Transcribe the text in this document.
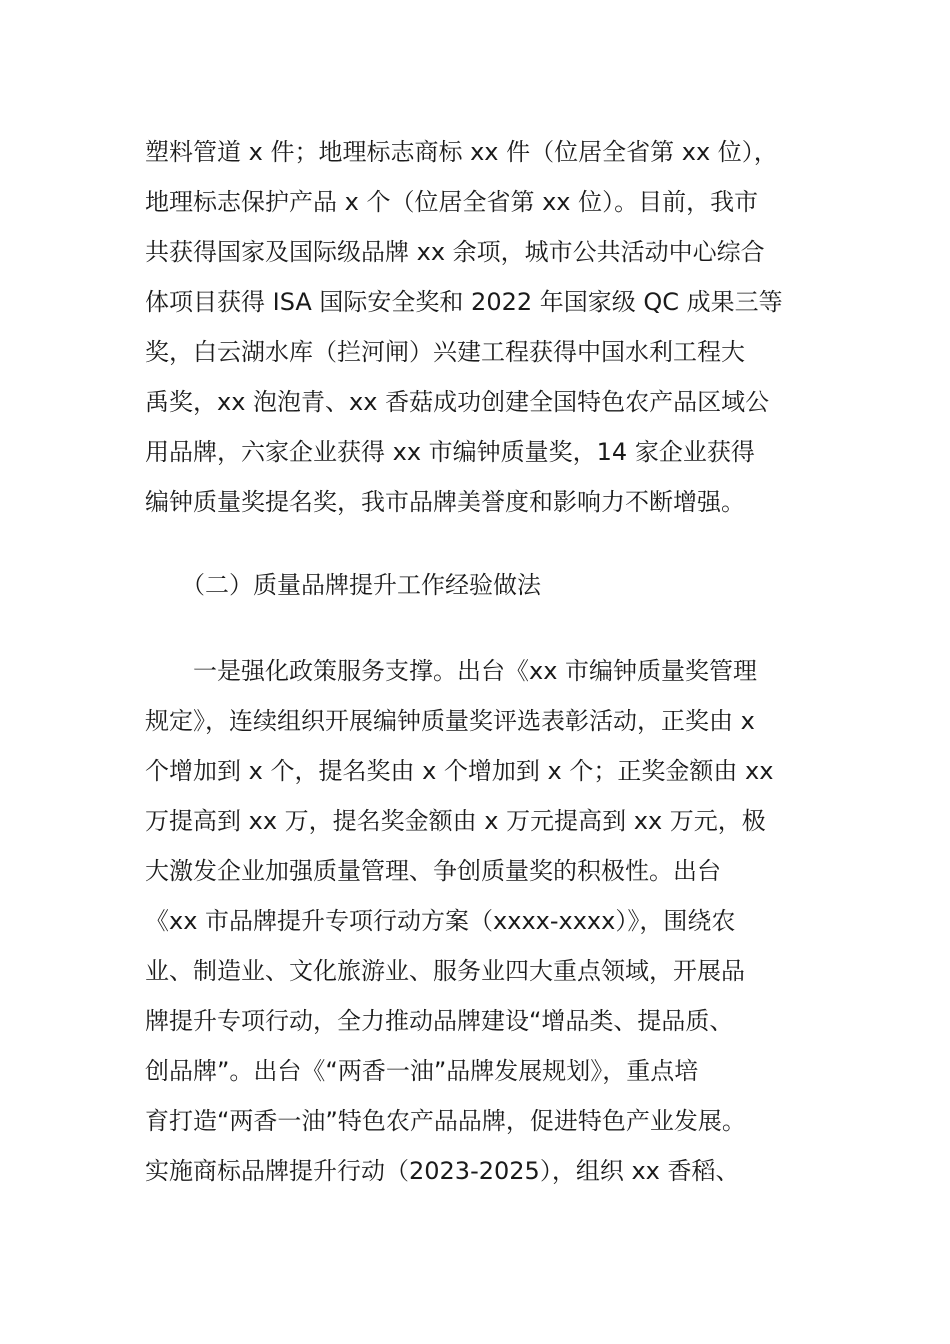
塑料管道 x 件；地理标志商标 xx 件（位居全省第 xx 位），
地理标志保护产品 x 个（位居全省第 xx 位）。目前，我市
共获得国家及国际级品牌 xx 余项，城市公共活动中心综合
体项目获得 ISA 国际安全奖和 2022 年国家级 QC 成果三等
奖，白云湖水库（拦河闸）兴建工程获得中国水利工程大
禹奖，xx 泡泡青、xx 香菇成功创建全国特色农产品区域公
用品牌，六家企业获得 xx 市编钟质量奖，14 家企业获得
编钟质量奖提名奖，我市品牌美誉度和影响力不断增强。
　　（二）质量品牌提升工作经验做法
　　一是强化政策服务支撑。出台《xx 市编钟质量奖管理
规定》，连续组织开展编钟质量奖评选表彰活动，正奖由 x
个增加到 x 个，提名奖由 x 个增加到 x 个；正奖金额由 xx
万提高到 xx 万，提名奖金额由 x 万元提高到 xx 万元，极
大激发企业加强质量管理、争创质量奖的积极性。出台
《xx 市品牌提升专项行动方案（xxxx-xxxx）》，围绕农
业、制造业、文化旅游业、服务业四大重点领域，开展品
牌提升专项行动，全力推动品牌建设“增品类、提品质、
创品牌”。出台《“两香一油”品牌发展规划》，重点培
育打造“两香一油”特色农产品品牌，促进特色产业发展。
实施商标品牌提升行动（2023-2025），组织 xx 香稻、
